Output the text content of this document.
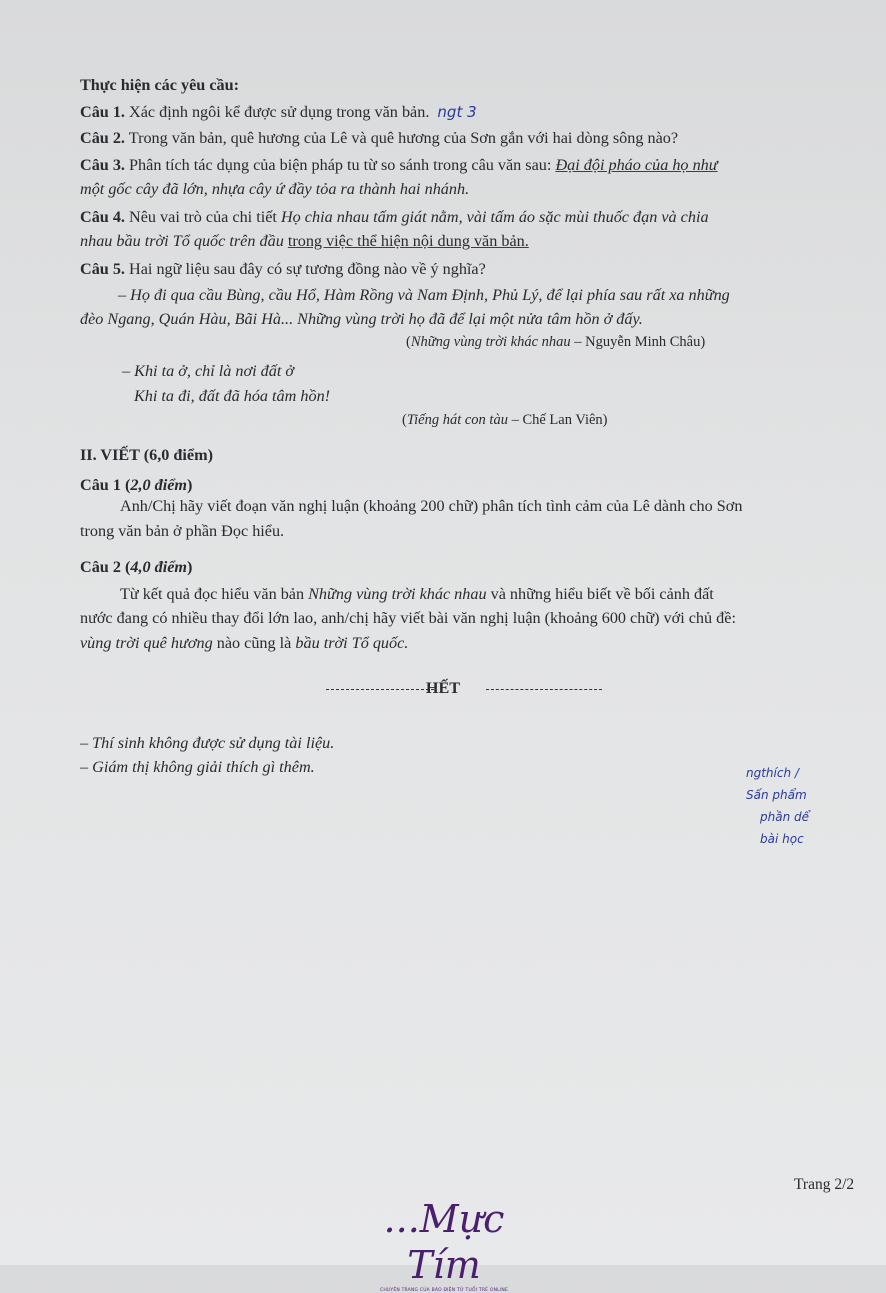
Thực hiện các yêu cầu:
Câu 1. Xác định ngôi kể được sử dụng trong văn bản. ngt 3
Câu 2. Trong văn bản, quê hương của Lê và quê hương của Sơn gắn với hai dòng sông nào?
Câu 3. Phân tích tác dụng của biện pháp tu từ so sánh trong câu văn sau: Đại đội pháo của họ như
một gốc cây đã lớn, nhựa cây ứ đầy tỏa ra thành hai nhánh.
Câu 4. Nêu vai trò của chi tiết Họ chia nhau tấm giát nằm, vài tấm áo sặc mùi thuốc đạn và chia
nhau bầu trời Tổ quốc trên đầu trong việc thể hiện nội dung văn bản.
Câu 5. Hai ngữ liệu sau đây có sự tương đồng nào về ý nghĩa?
– Họ đi qua cầu Bùng, cầu Hổ, Hàm Rồng và Nam Định, Phủ Lý, để lại phía sau rất xa những
đèo Ngang, Quán Hàu, Bãi Hà... Những vùng trời họ đã để lại một nửa tâm hồn ở đấy.
(Những vùng trời khác nhau – Nguyễn Minh Châu)
– Khi ta ở, chỉ là nơi đất ở
Khi ta đi, đất đã hóa tâm hồn!
(Tiếng hát con tàu – Chế Lan Viên)
II. VIẾT (6,0 điểm)
Câu 1 (2,0 điểm)
Anh/Chị hãy viết đoạn văn nghị luận (khoảng 200 chữ) phân tích tình cảm của Lê dành cho Sơn
trong văn bản ở phần Đọc hiểu.
Câu 2 (4,0 điểm)
Từ kết quả đọc hiểu văn bản Những vùng trời khác nhau và những hiểu biết về bối cảnh đất
nước đang có nhiều thay đổi lớn lao, anh/chị hãy viết bài văn nghị luận (khoảng 600 chữ) với chủ đề:
vùng trời quê hương nào cũng là bầu trời Tổ quốc.
HẾT
– Thí sinh không được sử dụng tài liệu.
– Giám thị không giải thích gì thêm.	ngthích /
Sấn phẩm
phần dể
bài học
Trang 2/2
...Mực Tím
CHUYÊN TRANG CỦA BÁO ĐIỆN TỬ TUỔI TRẺ ONLINE
